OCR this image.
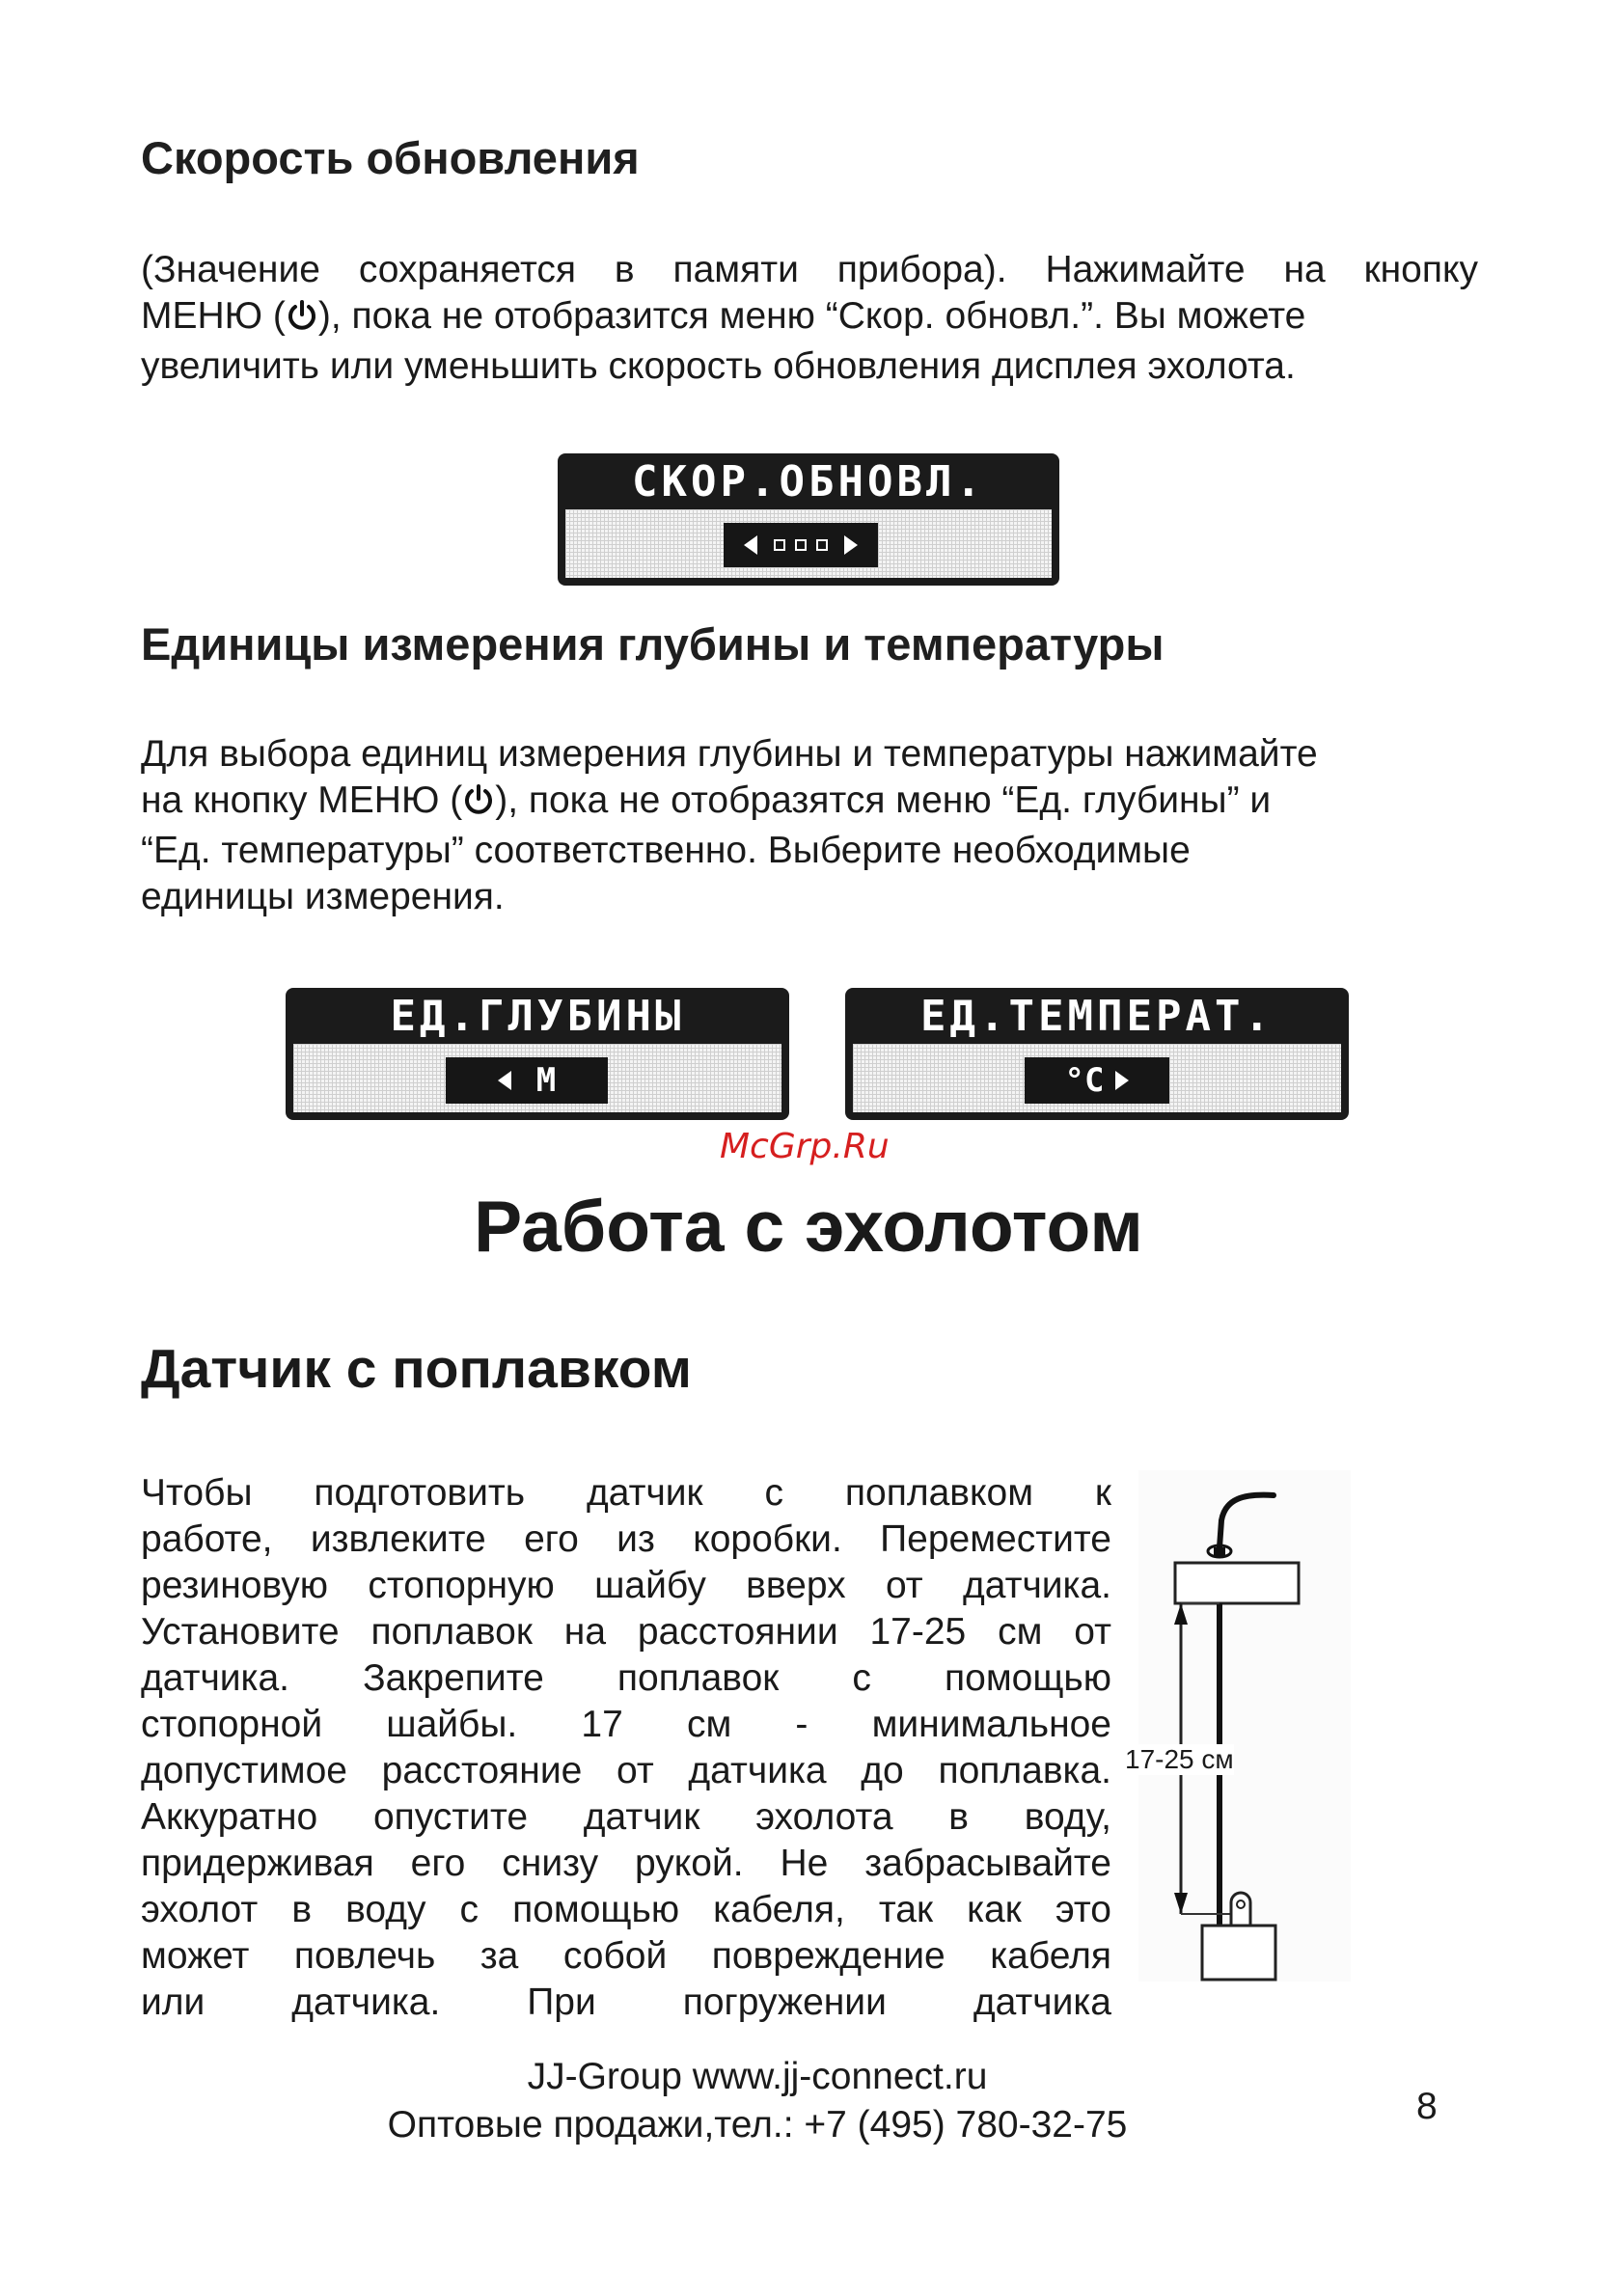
Скорость обновления
(Значение сохраняется в памяти прибора). Нажимайте на кнопку
МЕНЮ ( ), пока не отобразится меню “Скор. обновл.”. Вы можете
увеличить или уменьшить скорость обновления дисплея эхолота.
СКОР.ОБНОВЛ.
Единицы измерения глубины и температуры
Для выбора единиц измерения глубины и температуры нажимайте
на кнопку МЕНЮ ( ), пока не отобразятся меню “Ед. глубины” и
“Ед. температуры” соответственно. Выберите необходимые
единицы измерения.
ЕД.ГЛУБИНЫ
М
ЕД.ТЕМПЕРАТ.
°C
McGrp.Ru
Работа с эхолотом
Датчик с поплавком
Чтобы подготовить датчик с поплавком к
работе, извлеките его из коробки. Переместите
резиновую стопорную шайбу вверх от датчика.
Установите поплавок на расстоянии 17-25 см от
датчика. Закрепите поплавок с помощью
стопорной шайбы. 17 см - минимальное
допустимое расстояние от датчика до поплавка.
Аккуратно опустите датчик эхолота в воду,
придерживая его снизу рукой. Не забрасывайте
эхолот в воду с помощью кабеля, так как это
может повлечь за собой повреждение кабеля
или датчика. При погружении датчика
17-25 см
JJ-Group www.jj-connect.ru
Оптовые продажи,тел.: +7 (495) 780-32-75	8
